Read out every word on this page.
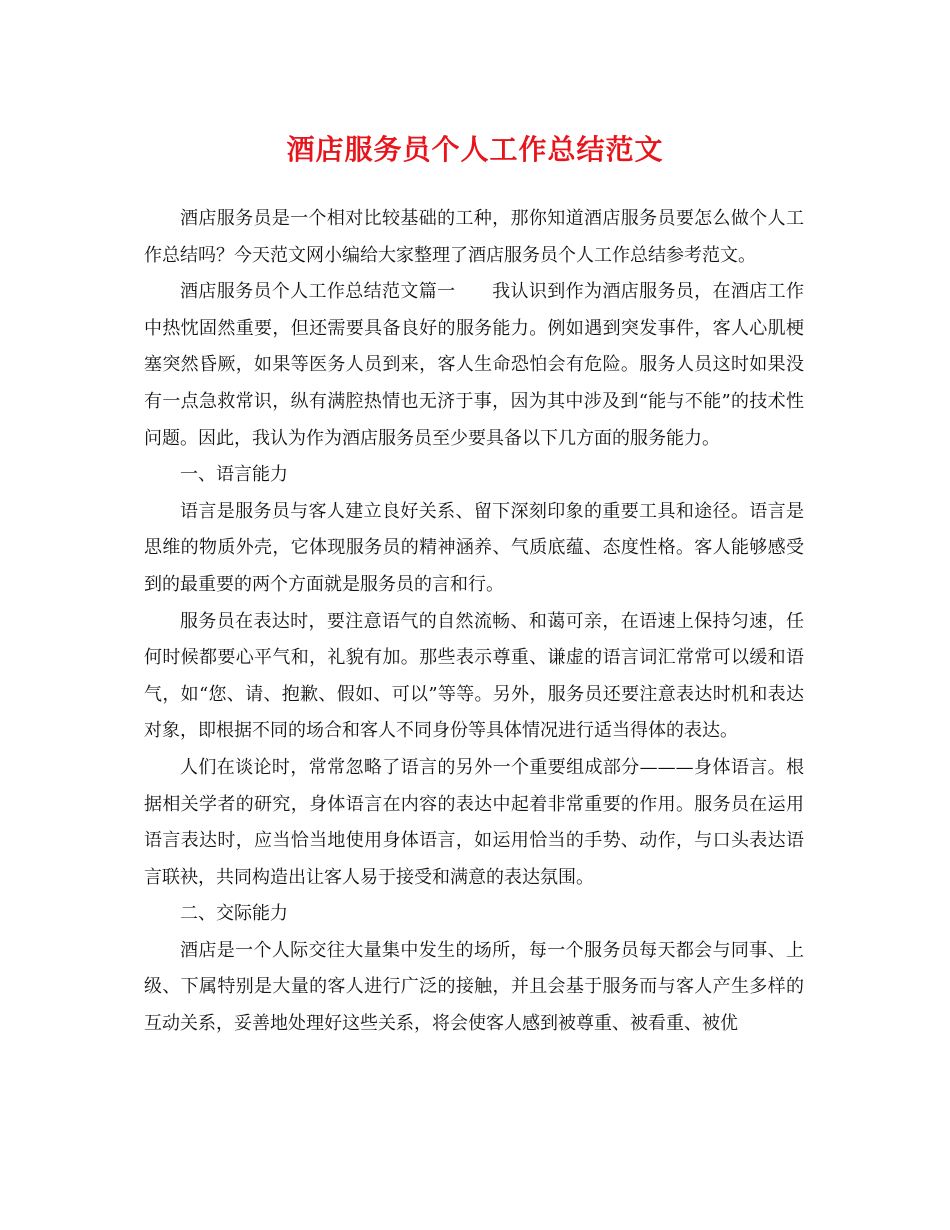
酒店服务员个人工作总结范文

酒店服务员是一个相对比较基础的工种，那你知道酒店服务员要怎么做个人工作总结吗？今天范文网小编给大家整理了酒店服务员个人工作总结参考范文。

酒店服务员个人工作总结范文篇一　　我认识到作为酒店服务员，在酒店工作中热忱固然重要，但还需要具备良好的服务能力。例如遇到突发事件，客人心肌梗塞突然昏厥，如果等医务人员到来，客人生命恐怕会有危险。服务人员这时如果没有一点急救常识，纵有满腔热情也无济于事，因为其中涉及到“能与不能”的技术性问题。因此，我认为作为酒店服务员至少要具备以下几方面的服务能力。

一、语言能力

语言是服务员与客人建立良好关系、留下深刻印象的重要工具和途径。语言是思维的物质外壳，它体现服务员的精神涵养、气质底蕴、态度性格。客人能够感受到的最重要的两个方面就是服务员的言和行。

服务员在表达时，要注意语气的自然流畅、和蔼可亲，在语速上保持匀速，任何时候都要心平气和，礼貌有加。那些表示尊重、谦虚的语言词汇常常可以缓和语气，如“您、请、抱歉、假如、可以”等等。另外，服务员还要注意表达时机和表达对象，即根据不同的场合和客人不同身份等具体情况进行适当得体的表达。

人们在谈论时，常常忽略了语言的另外一个重要组成部分———身体语言。根据相关学者的研究，身体语言在内容的表达中起着非常重要的作用。服务员在运用语言表达时，应当恰当地使用身体语言，如运用恰当的手势、动作，与口头表达语言联袂，共同构造出让客人易于接受和满意的表达氛围。

二、交际能力

酒店是一个人际交往大量集中发生的场所，每一个服务员每天都会与同事、上级、下属特别是大量的客人进行广泛的接触，并且会基于服务而与客人产生多样的互动关系，妥善地处理好这些关系，将会使客人感到被尊重、被看重、被优
